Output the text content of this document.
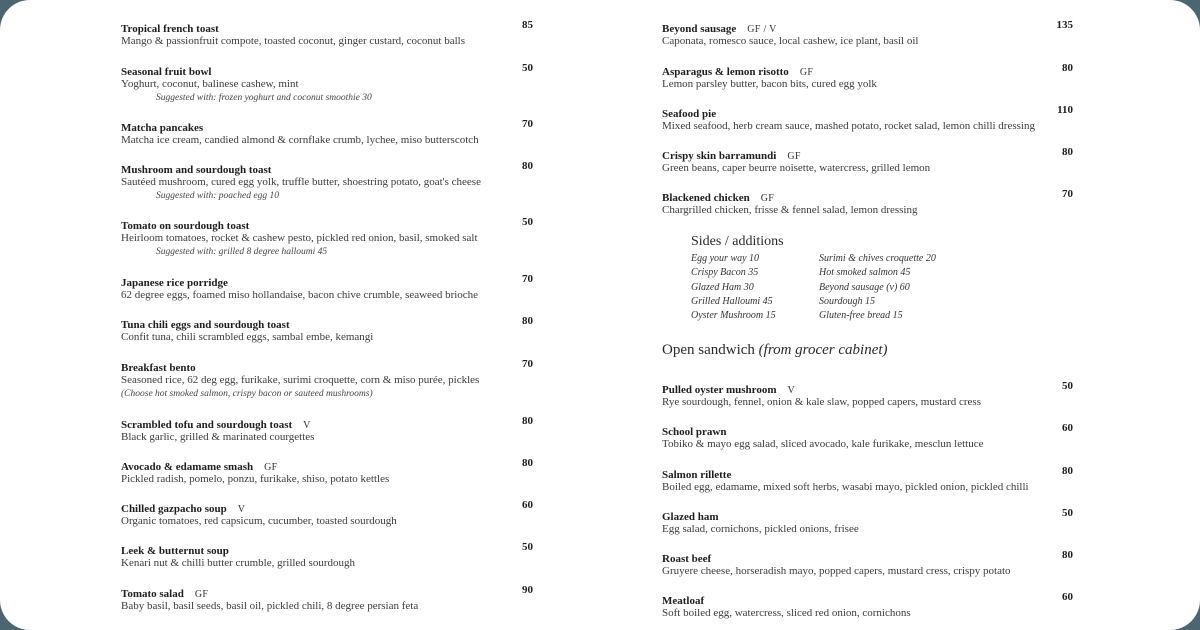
Tropical french toast	85
Mango & passionfruit compote, toasted coconut, ginger custard, coconut balls
Seasonal fruit bowl	50
Yoghurt, coconut, balinese cashew, mint
Suggested with: frozen yoghurt and coconut smoothie 30
Matcha pancakes	70
Matcha ice cream, candied almond & cornflake crumb, lychee, miso butterscotch
Mushroom and sourdough toast	80
Sautéed mushroom, cured egg yolk, truffle butter, shoestring potato, goat's cheese
Suggested with: poached egg 10
Tomato on sourdough toast	50
Heirloom tomatoes, rocket & cashew pesto, pickled red onion, basil, smoked salt
Suggested with: grilled 8 degree halloumi 45
Japanese rice porridge	70
62 degree eggs, foamed miso hollandaise, bacon chive crumble, seaweed brioche
Tuna chili eggs and sourdough toast	80
Confit tuna, chili scrambled eggs, sambal embe, kemangi
Breakfast bento	70
Seasoned rice, 62 deg egg, furikake, surimi croquette, corn & miso purée, pickles
(Choose hot smoked salmon, crispy bacon or sauteed mushrooms)
Scrambled tofu and sourdough toast V	80
Black garlic, grilled & marinated courgettes
Avocado & edamame smash GF	80
Pickled radish, pomelo, ponzu, furikake, shiso, potato kettles
Chilled gazpacho soup V	60
Organic tomatoes, red capsicum, cucumber, toasted sourdough
Leek & butternut soup	50
Kenari nut & chilli butter crumble, grilled sourdough
Tomato salad GF	90
Baby basil, basil seeds, basil oil, pickled chili, 8 degree persian feta
Beyond sausage GF / V	135
Caponata, romesco sauce, local cashew, ice plant, basil oil
Asparagus & lemon risotto GF	80
Lemon parsley butter, bacon bits, cured egg yolk
Seafood pie	110
Mixed seafood, herb cream sauce, mashed potato, rocket salad, lemon chilli dressing
Crispy skin barramundi GF	80
Green beans, caper beurre noisette, watercress, grilled lemon
Blackened chicken GF	70
Chargrilled chicken, frisse & fennel salad, lemon dressing
Open sandwich (from grocer cabinet)
Pulled oyster mushroom V	50
Rye sourdough, fennel, onion & kale slaw, popped capers, mustard cress
School prawn	60
Tobiko & mayo egg salad, sliced avocado, kale furikake, mesclun lettuce
Salmon rillette	80
Boiled egg, edamame, mixed soft herbs, wasabi mayo, pickled onion, pickled chilli
Glazed ham	50
Egg salad, cornichons, pickled onions, frisee
Roast beef	80
Gruyere cheese, horseradish mayo, popped capers, mustard cress, crispy potato
Meatloaf	60
Soft boiled egg, watercress, sliced red onion, cornichons
Sides / additions
Egg your way 10
Crispy Bacon 35
Glazed Ham 30
Grilled Halloumi 45
Oyster Mushroom 15
Surimi & chives croquette 20
Hot smoked salmon 45
Beyond sausage (v) 60
Sourdough 15
Gluten-free bread 15
